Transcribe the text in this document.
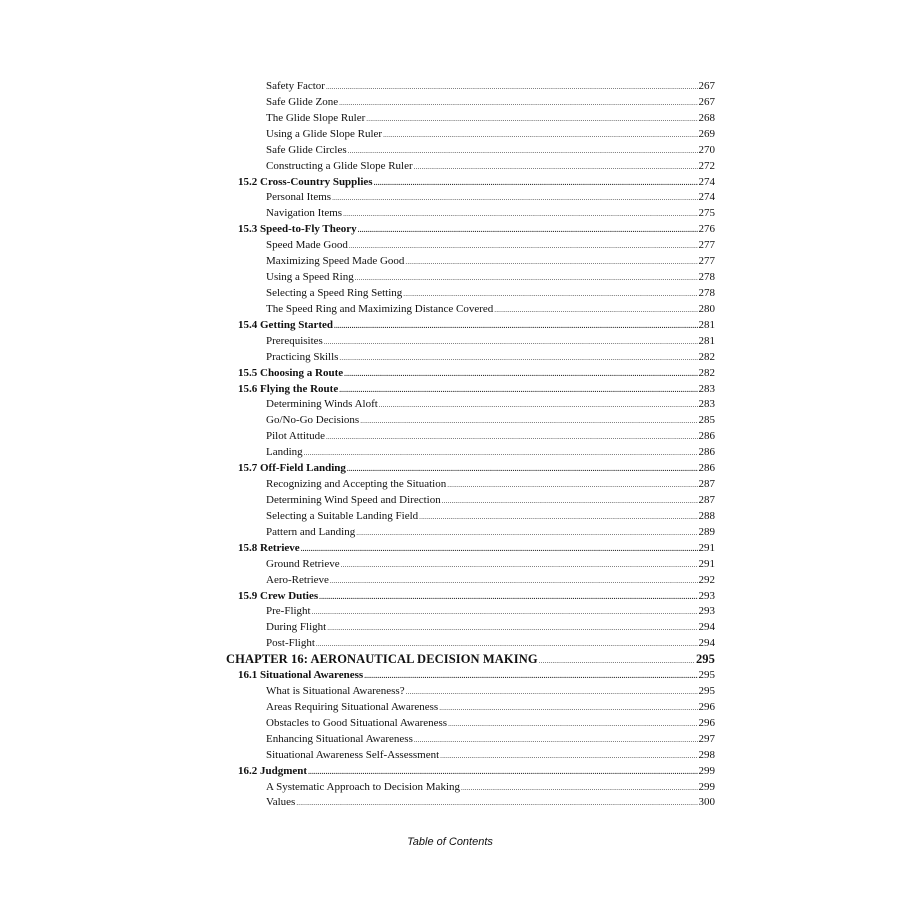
Safety Factor .....	267
Safe Glide Zone .....	267
The Glide Slope Ruler .....	268
Using a Glide Slope Ruler .....	269
Safe Glide Circles .....	270
Constructing a Glide Slope Ruler .....	272
15.2 Cross-Country Supplies .....	274
Personal Items .....	274
Navigation Items .....	275
15.3 Speed-to-Fly Theory .....	276
Speed Made Good .....	277
Maximizing Speed Made Good .....	277
Using a Speed Ring .....	278
Selecting a Speed Ring Setting .....	278
The Speed Ring and Maximizing Distance Covered .....	280
15.4 Getting Started .....	281
Prerequisites .....	281
Practicing Skills .....	282
15.5 Choosing a Route .....	282
15.6 Flying the Route .....	283
Determining Winds Aloft .....	283
Go/No-Go Decisions .....	285
Pilot Attitude .....	286
Landing .....	286
15.7 Off-Field Landing .....	286
Recognizing and Accepting the Situation .....	287
Determining Wind Speed and Direction .....	287
Selecting a Suitable Landing Field .....	288
Pattern and Landing .....	289
15.8 Retrieve .....	291
Ground Retrieve .....	291
Aero-Retrieve .....	292
15.9 Crew Duties .....	293
Pre-Flight .....	293
During Flight .....	294
Post-Flight .....	294
CHAPTER 16: AERONAUTICAL DECISION MAKING .....	295
16.1 Situational Awareness .....	295
What is Situational Awareness? .....	295
Areas Requiring Situational Awareness .....	296
Obstacles to Good Situational Awareness .....	296
Enhancing Situational Awareness .....	297
Situational Awareness Self-Assessment .....	298
16.2 Judgment .....	299
A Systematic Approach to Decision Making .....	299
Values .....	300
Table of Contents
